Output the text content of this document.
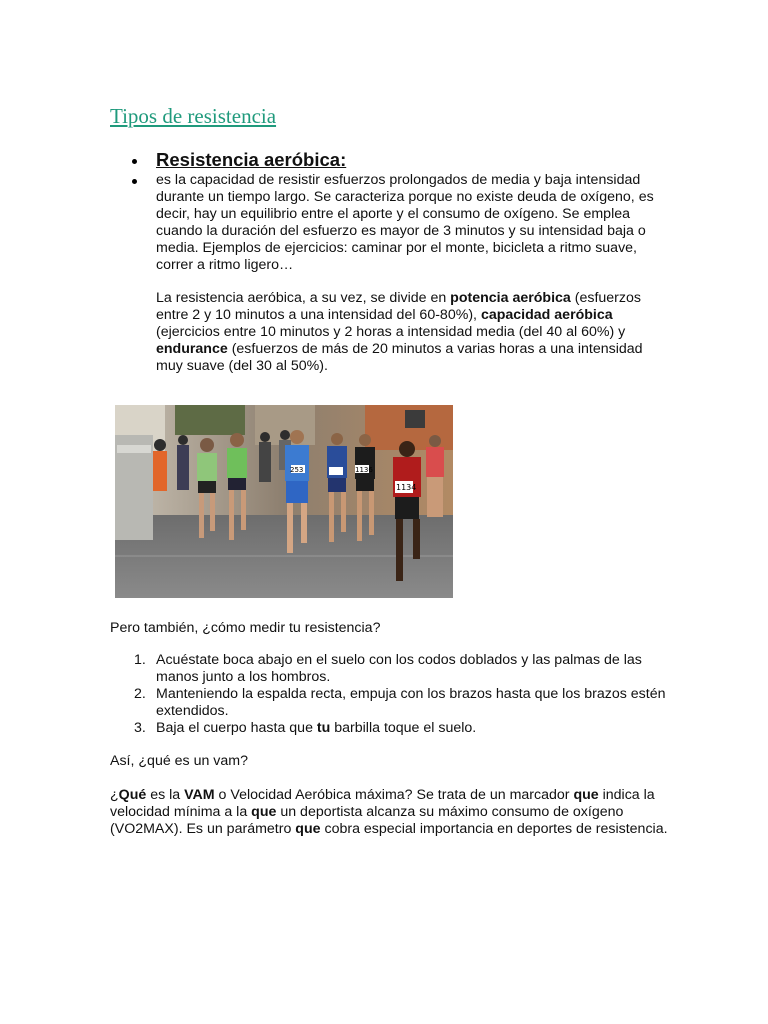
Tipos de resistencia
Resistencia aeróbica:

es la capacidad de resistir esfuerzos prolongados de media y baja intensidad durante un tiempo largo. Se caracteriza porque no existe deuda de oxígeno, es decir, hay un equilibrio entre el aporte y el consumo de oxígeno. Se emplea cuando la duración del esfuerzo es mayor de 3 minutos y su intensidad baja o media. Ejemplos de ejercicios: caminar por el monte, bicicleta a ritmo suave, correr a ritmo ligero…

La resistencia aeróbica, a su vez, se divide en potencia aeróbica (esfuerzos entre 2 y 10 minutos a una intensidad del 60-80%), capacidad aeróbica (ejercicios entre 10 minutos y 2 horas a intensidad media (del 40 al 60%) y endurance (esfuerzos de más de 20 minutos a varias horas a una intensidad muy suave (del 30 al 50%).

253
1134
1136

Pero también, ¿cómo medir tu resistencia?

1. Acuéstate boca abajo en el suelo con los codos doblados y las palmas de las manos junto a los hombros.
2. Manteniendo la espalda recta, empuja con los brazos hasta que los brazos estén extendidos.
3. Baja el cuerpo hasta que tu barbilla toque el suelo.

Así, ¿qué es un vam?

¿Qué es la VAM o Velocidad Aeróbica máxima? Se trata de un marcador que indica la velocidad mínima a la que un deportista alcanza su máximo consumo de oxígeno (VO2MAX). Es un parámetro que cobra especial importancia en deportes de resistencia.
